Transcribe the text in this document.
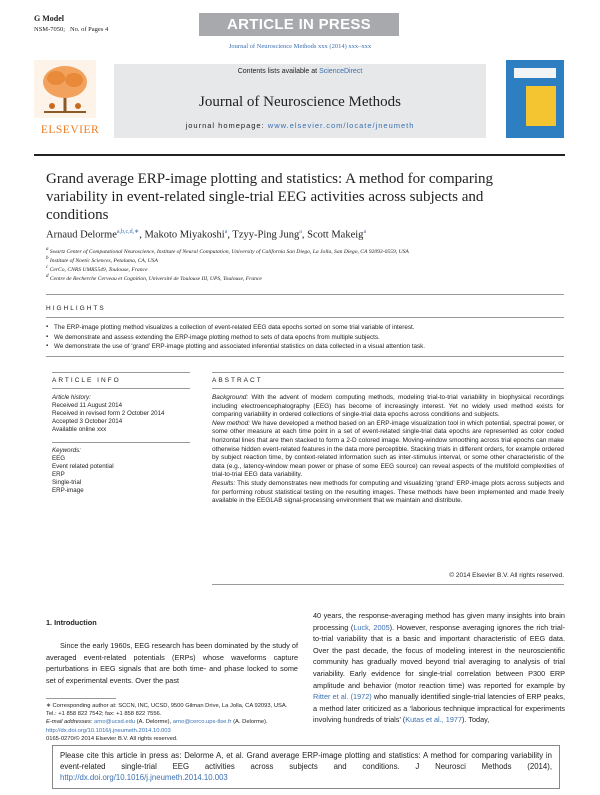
G Model
NSM-7050; No. of Pages 4	ARTICLE IN PRESS
Journal of Neuroscience Methods xxx (2014) xxx–xxx
ELSEVIER
Contents lists available at ScienceDirect
Journal of Neuroscience Methods
journal homepage: www.elsevier.com/locate/jneumeth
Grand average ERP-image plotting and statistics: A method for comparing variability in event-related single-trial EEG activities across subjects and conditions
Arnaud Delorme$^{a,b,c,d,∗}$, Makoto Miyakoshi$^a$, Tzyy-Ping Jung$^a$, Scott Makeig$^a$
$^a$ Swartz Center of Computational Neuroscience, Institute of Neural Computation, University of California San Diego, La Jolla, San Diego, CA 92093-0559, USA
$^b$ Institute of Noetic Sciences, Petaluma, CA, USA
$^c$ CerCo, CNRS UMR5549, Toulouse, France
$^d$ Centre de Recherche Cerveau et Cognition, Université de Toulouse III, UPS, Toulouse, France
HIGHLIGHTS
▪ The ERP-image plotting method visualizes a collection of event-related EEG data epochs sorted on some trial variable of interest.
▪ We demonstrate and assess extending the ERP-image plotting method to sets of data epochs from multiple subjects.
▪ We demonstrate the use of ‘grand’ ERP-image plotting and associated inferential statistics on data collected in a visual attention task.
ARTICLE INFO	ABSTRACT
Article history:
Received 11 August 2014
Received in revised form 2 October 2014
Accepted 3 October 2014
Available online xxx
Keywords:
EEG
Event related potential
ERP
Single-trial
ERP-image

Background: With the advent of modern computing methods, modeling trial-to-trial variability in biophysical recordings including electroencephalography (EEG) has become of increasingly interest. Yet no widely used method exists for comparing variability in ordered collections of single-trial data epochs across conditions and subjects.

New method: We have developed a method based on an ERP-image visualization tool in which potential, spectral power, or some other measure at each time point in a set of event-related single-trial data epochs are represented as color coded horizontal lines that are then stacked to form a 2-D colored image. Moving-window smoothing across trial epochs can make otherwise hidden event-related features in the data more perceptible. Stacking trials in different orders, for example ordered by subject reaction time, by context-related information such as inter-stimulus interval, or some other characteristic of the data (e.g., latency-window mean power or phase of some EEG source) can reveal aspects of the multifold complexities of trial-to-trial EEG data variability.

Results: This study demonstrates new methods for computing and visualizing ‘grand’ ERP-image plots across subjects and for performing robust statistical testing on the resulting images. These methods have been implemented and made freely available in the EEGLAB signal-processing environment that we maintain and distribute.

© 2014 Elsevier B.V. All rights reserved.
1. Introduction

Since the early 1960s, EEG research has been dominated by the study of averaged event-related potentials (ERPs) whose waveforms capture perturbations in EEG signals that are both time- and phase locked to some set of experimental events. Over the past

40 years, the response-averaging method has given many insights into brain processing (Luck, 2005). However, response averaging ignores the rich trial-to-trial variability that is a basic and important characteristic of EEG data. Over the past decade, the focus of modeling interest in the neuroscientific community has gradually moved beyond trial averaging to analysis of trial variability. Early evidence for single-trial correlation between P300 ERP amplitude and behavior (motor reaction time) was reported for example by Ritter et al. (1972) who manually identified single-trial latencies of ERP peaks, a method later criticized as a ‘laborious technique impractical for experiments involving hundreds of trials’ (Kutas et al., 1977). Today,

∗ Corresponding author at: SCCN, INC, UCSD, 9500 Gilman Drive, La Jolla, CA 92093, USA. Tel.: +1 858 822 7542; fax: +1 858 822 7556.
E-mail addresses: arno@ucsd.edu (A. Delorme), arno@cerco.ups-tlse.fr (A. Delorme).
http://dx.doi.org/10.1016/j.jneumeth.2014.10.003
0165-0270/© 2014 Elsevier B.V. All rights reserved.
Please cite this article in press as: Delorme A, et al. Grand average ERP-image plotting and statistics: A method for comparing variability in event-related single-trial EEG activities across subjects and conditions. J Neurosci Methods (2014), http://dx.doi.org/10.1016/j.jneumeth.2014.10.003
